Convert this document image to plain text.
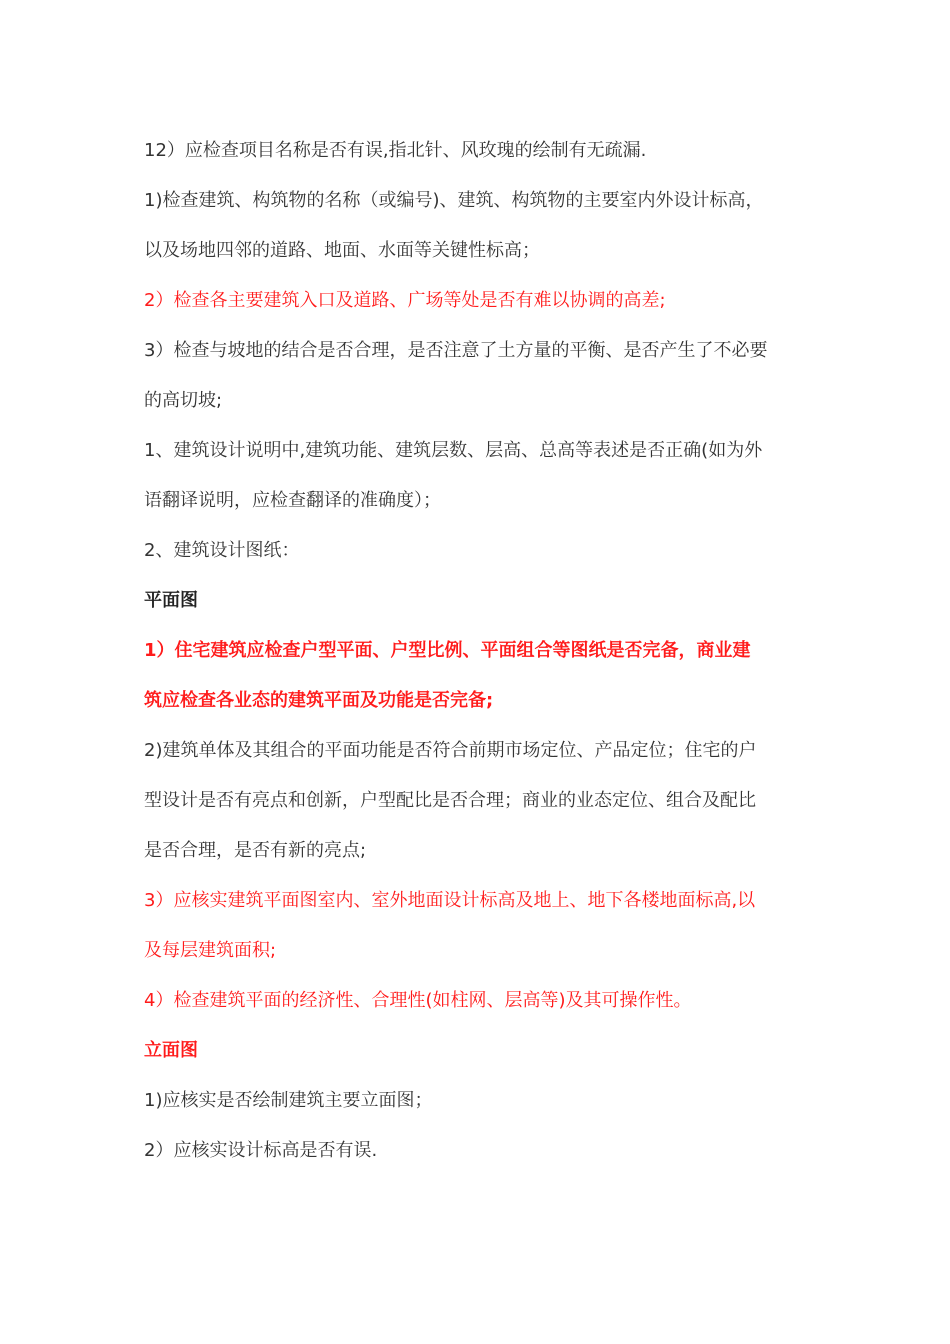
12）应检查项目名称是否有误,指北针、风玫瑰的绘制有无疏漏.
1)检查建筑、构筑物的名称（或编号)、建筑、构筑物的主要室内外设计标高，
以及场地四邻的道路、地面、水面等关键性标高；
2）检查各主要建筑入口及道路、广场等处是否有难以协调的高差;
3）检查与坡地的结合是否合理，是否注意了土方量的平衡、是否产生了不必要
的高切坡;
1、建筑设计说明中,建筑功能、建筑层数、层高、总高等表述是否正确(如为外
语翻译说明，应检查翻译的准确度）；
2、建筑设计图纸：
平面图
1）住宅建筑应检查户型平面、户型比例、平面组合等图纸是否完备，商业建
筑应检查各业态的建筑平面及功能是否完备;
2)建筑单体及其组合的平面功能是否符合前期市场定位、产品定位；住宅的户
型设计是否有亮点和创新，户型配比是否合理；商业的业态定位、组合及配比
是否合理，是否有新的亮点;
3）应核实建筑平面图室内、室外地面设计标高及地上、地下各楼地面标高,以
及每层建筑面积;
4）检查建筑平面的经济性、合理性(如柱网、层高等)及其可操作性。
立面图
1)应核实是否绘制建筑主要立面图；
2）应核实设计标高是否有误.
